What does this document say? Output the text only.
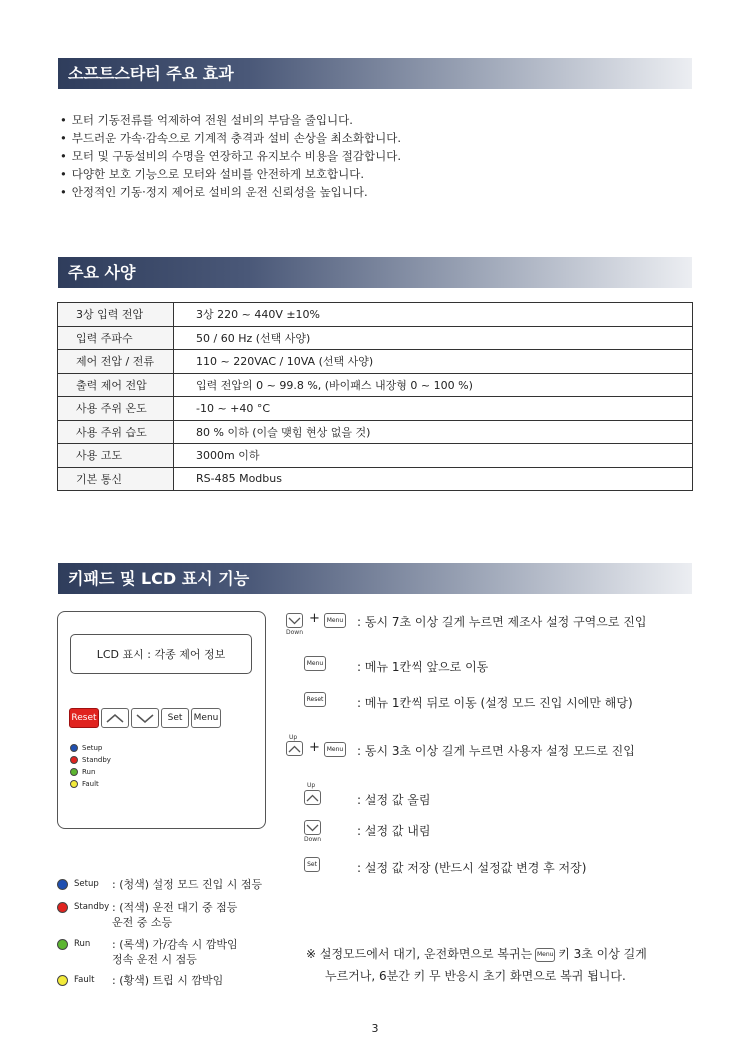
소프트스타터 주요 효과
주요 사양
키패드 및 LCD 표시 기능
• 모터 기동전류를 억제하여 전원 설비의 부담을 줄입니다.
• 부드러운 가속·감속으로 기계적 충격과 설비 손상을 최소화합니다.
• 모터 및 구동설비의 수명을 연장하고 유지보수 비용을 절감합니다.
• 다양한 보호 기능으로 모터와 설비를 안전하게 보호합니다.
• 안정적인 기동·정지 제어로 설비의 운전 신뢰성을 높입니다.
3상 입력 전압	3상 220 ~ 440V ±10%
입력 주파수	50 / 60 Hz (선택 사양)
제어 전압 / 전류	110 ~ 220VAC / 10VA (선택 사양)
출력 제어 전압	입력 전압의 0 ~ 99.8 %, (바이패스 내장형 0 ~ 100 %)
사용 주위 온도	-10 ~ +40 °C
사용 주위 습도	80 % 이하 (이슬 맺힘 현상 없을 것)
사용 고도	3000m 이하
기본 통신	RS-485 Modbus
LCD 표시 : 각종 제어 정보
Reset	Set	Menu
Setup
Standby
Run
Fault
Setup	: (청색) 설정 모드 진입 시 점등
Standby : (적색) 운전 대기 중 점등
운전 중 소등
Run	: (록색) 가/감속 시 깜박임
정속 운전 시 점등
Fault	: (황색) 트립 시 깜박임
Down
+	Menu : 동시 7초 이상 길게 누르면 제조사 설정 구역으로 진입
Menu	: 메뉴 1칸씩 앞으로 이동
Reset	: 메뉴 1칸씩 뒤로 이동 (설정 모드 진입 시에만 해당)
Up
+	Menu : 동시 3초 이상 길게 누르면 사용자 설정 모드로 진입
Up
: 설정 값 올림
Down
: 설정 값 내림
Set	: 설정 값 저장 (반드시 설정값 변경 후 저장)
※ 설정모드에서 대기, 운전화면으로 복귀는 Menu 키 3초 이상 길게
누르거나, 6분간 키 무 반응시 초기 화면으로 복귀 됩니다.
3
